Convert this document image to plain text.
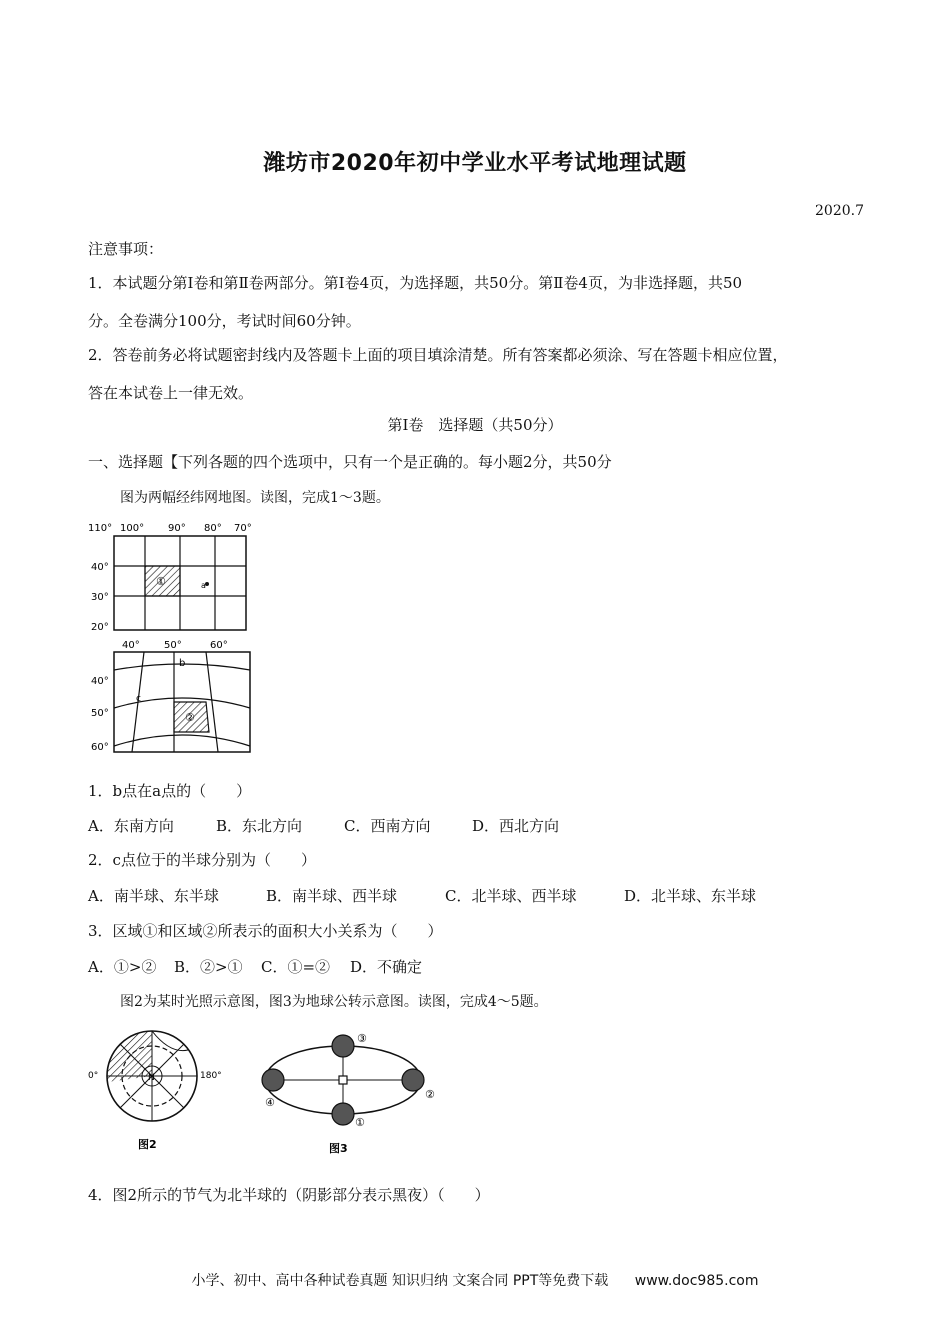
潍坊市2020年初中学业水平考试地理试题
2020.7
注意事项：
1．本试题分第Ⅰ卷和第Ⅱ卷两部分。第Ⅰ卷4页，为选择题，共50分。第Ⅱ卷4页，为非选择题，共50
分。全卷满分100分，考试时间60分钟。
2．答卷前务必将试题密封线内及答题卡上面的项目填涂清楚。所有答案都必须涂、写在答题卡相应位置，
答在本试卷上一律无效。
第Ⅰ卷　选择题（共50分）
一、选择题【下列各题的四个选项中，只有一个是正确的。每小题2分，共50分
图为两幅经纬网地图。读图，完成1～3题。
110° 100° 90° 80° 70°
①	a
40°
30°
20°
40° 50°	60°
②
b
c
40°
50°
60°
1．b点在a点的（　　）
A．东南方向	B．东北方向	C．西南方向	D．西北方向
2．c点位于的半球分别为（　　）
A．南半球、东半球	B．南半球、西半球	C．北半球、西半球	D．北半球、东半球
3．区域①和区域②所表示的面积大小关系为（　　）
A．①>② B．②>① C．①=② D．不确定
图2为某时光照示意图，图3为地球公转示意图。读图，完成4～5题。
N
0°	180°
图2
③
①
②
④
图3
4．图2所示的节气为北半球的（阴影部分表示黑夜）（　　）
小学、初中、高中各种试卷真题 知识归纳 文案合同 PPT等免费下载 www.doc985.com
